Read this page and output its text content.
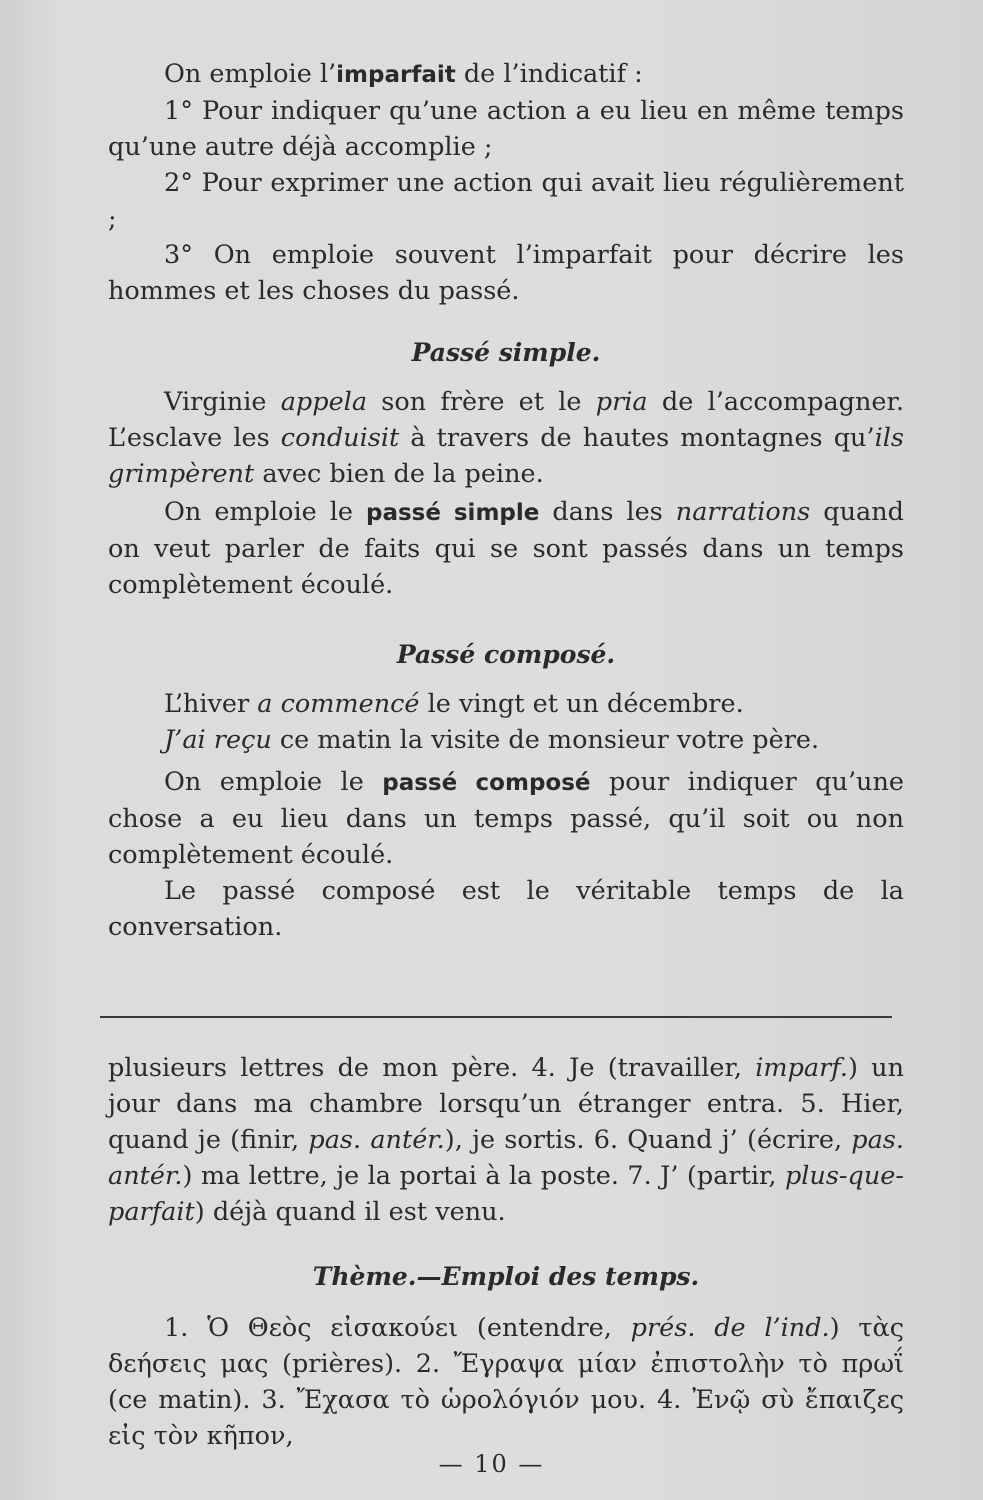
On emploie l’imparfait de l’indicatif :

1° Pour indiquer qu’une action a eu lieu en même temps qu’une autre déjà accomplie ;

2° Pour exprimer une action qui avait lieu régulièrement ;

3° On emploie souvent l’imparfait pour décrire les hommes et les choses du passé.

Passé simple.

Virginie appela son frère et le pria de l’accompagner. L’esclave les conduisit à travers de hautes montagnes qu’ils grimpèrent avec bien de la peine.

On emploie le passé simple dans les narrations quand on veut parler de faits qui se sont passés dans un temps complètement écoulé.

Passé composé.

L’hiver a commencé le vingt et un décembre.

J’ai reçu ce matin la visite de monsieur votre père.

On emploie le passé composé pour indiquer qu’une chose a eu lieu dans un temps passé, qu’il soit ou non complètement écoulé.

Le passé composé est le véritable temps de la conversation.

plusieurs lettres de mon père. 4. Je (travailler, imparf.) un jour dans ma chambre lorsqu’un étranger entra. 5. Hier, quand je (finir, pas. antér.), je sortis. 6. Quand j’ (écrire, pas. antér.) ma lettre, je la portai à la poste. 7. J’ (partir, plus-que-parfait) déjà quand il est venu.

Thème.—Emploi des temps.

1. Ὁ Θεὸς εἰσακούει (entendre, prés. de l’ind.) τὰς δεήσεις μας (prières). 2. Ἔγραψα μίαν ἐπιστολὴν τὸ πρωΐ (ce matin). 3. Ἔχασα τὸ ὡρολόγιόν μου. 4. Ἐνῷ σὺ ἔπαιζες εἰς τὸν κῆπον,

— 10 —
